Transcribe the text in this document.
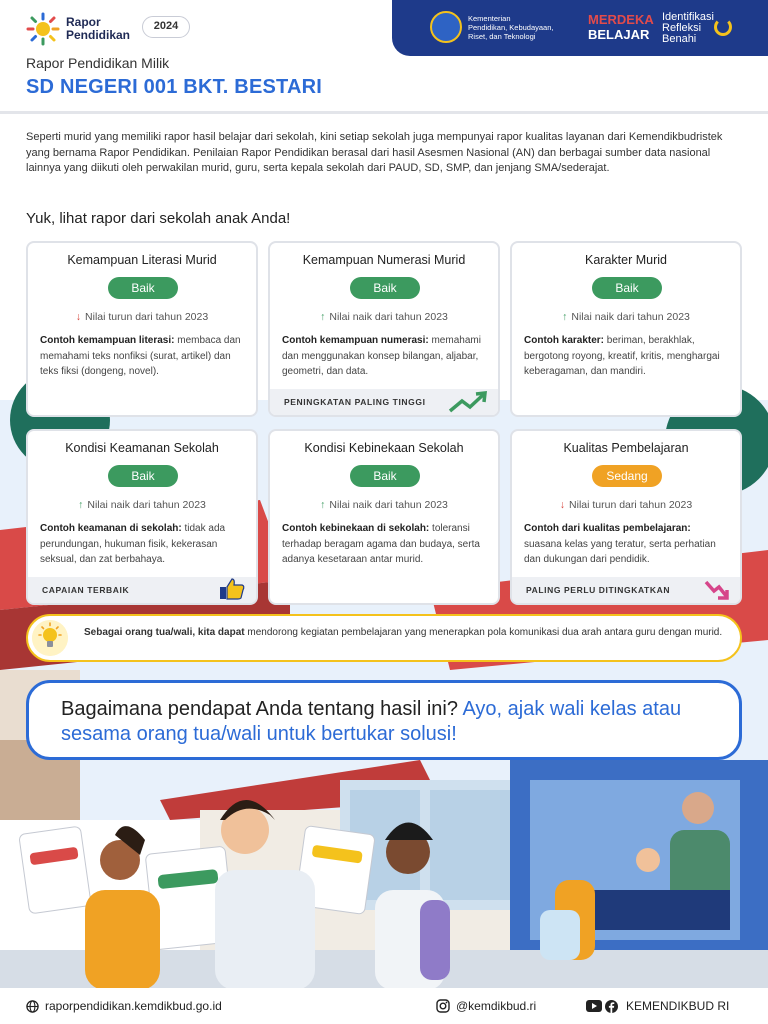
Rapor
Pendidikan
2024
Kementerian
Pendidikan, Kebudayaan,
Riset, dan Teknologi
MERDEKA
BELAJAR
Identifikasi
Refleksi
Benahi
Rapor Pendidikan Milik
SD NEGERI 001 BKT. BESTARI
Seperti murid yang memiliki rapor hasil belajar dari sekolah, kini setiap sekolah juga mempunyai rapor kualitas layanan dari Kemendikbudristek yang bernama Rapor Pendidikan. Penilaian Rapor Pendidikan berasal dari hasil Asesmen Nasional (AN) dan berbagai sumber data nasional lainnya yang diikuti oleh perwakilan murid, guru, serta kepala sekolah dari PAUD, SD, SMP, dan jenjang SMA/sederajat.
Yuk, lihat rapor dari sekolah anak Anda!
Kemampuan Literasi Murid
Baik
↓ Nilai turun dari tahun 2023
Contoh kemampuan literasi: membaca dan memahami teks nonfiksi (surat, artikel) dan teks fiksi (dongeng, novel).
Kemampuan Numerasi Murid
Baik
↑ Nilai naik dari tahun 2023
Contoh kemampuan numerasi: memahami dan menggunakan konsep bilangan, aljabar, geometri, dan data.
PENINGKATAN PALING TINGGI
Karakter Murid
Baik
↑ Nilai naik dari tahun 2023
Contoh karakter: beriman, berakhlak, bergotong royong, kreatif, kritis, menghargai keberagaman, dan mandiri.
Kondisi Keamanan Sekolah
Baik
↑ Nilai naik dari tahun 2023
Contoh keamanan di sekolah: tidak ada perundungan, hukuman fisik, kekerasan seksual, dan zat berbahaya.
CAPAIAN TERBAIK
Kondisi Kebinekaan Sekolah
Baik
↑ Nilai naik dari tahun 2023
Contoh kebinekaan di sekolah: toleransi terhadap beragam agama dan budaya, serta adanya kesetaraan antar murid.
Kualitas Pembelajaran
Sedang
↓ Nilai turun dari tahun 2023
Contoh dari kualitas pembelajaran: suasana kelas yang teratur, serta perhatian dan dukungan dari pendidik.
PALING PERLU DITINGKATKAN
Sebagai orang tua/wali, kita dapat mendorong kegiatan pembelajaran yang menerapkan pola komunikasi dua arah antara guru dengan murid.
Bagaimana pendapat Anda tentang hasil ini? Ayo, ajak wali kelas atau sesama orang tua/wali untuk bertukar solusi!
raporpendidikan.kemdikbud.go.id	@kemdikbud.ri	KEMENDIKBUD RI
